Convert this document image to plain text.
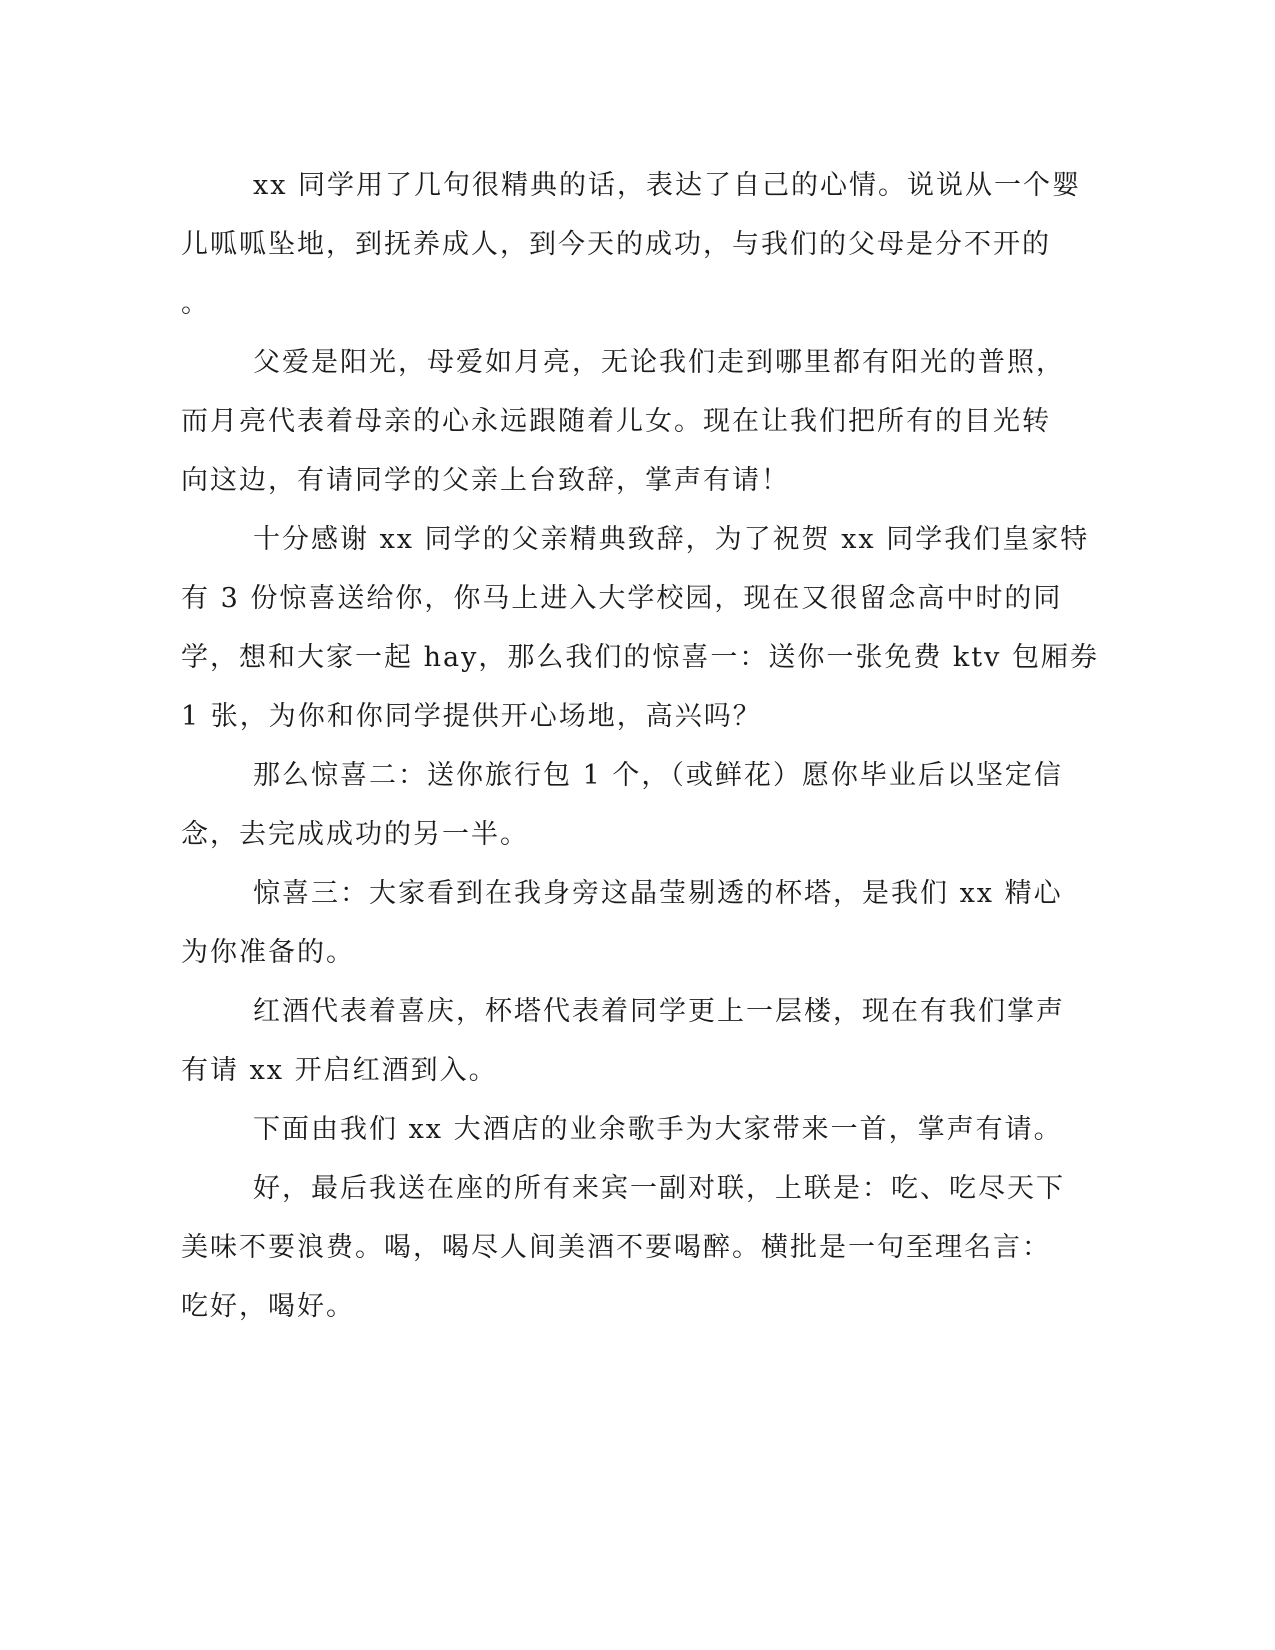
xx 同学用了几句很精典的话，表达了自己的心情。说说从一个婴
儿呱呱坠地，到抚养成人，到今天的成功，与我们的父母是分不开的
。
父爱是阳光，母爱如月亮，无论我们走到哪里都有阳光的普照，
而月亮代表着母亲的心永远跟随着儿女。现在让我们把所有的目光转
向这边，有请同学的父亲上台致辞，掌声有请！
十分感谢 xx 同学的父亲精典致辞，为了祝贺 xx 同学我们皇家特
有 3 份惊喜送给你，你马上进入大学校园，现在又很留念高中时的同
学，想和大家一起 hay，那么我们的惊喜一：送你一张免费 ktv 包厢券
1 张，为你和你同学提供开心场地，高兴吗？
那么惊喜二：送你旅行包 1 个，（或鲜花）愿你毕业后以坚定信
念，去完成成功的另一半。
惊喜三：大家看到在我身旁这晶莹剔透的杯塔，是我们 xx 精心
为你准备的。
红酒代表着喜庆，杯塔代表着同学更上一层楼，现在有我们掌声
有请 xx 开启红酒到入。
下面由我们 xx 大酒店的业余歌手为大家带来一首，掌声有请。
好，最后我送在座的所有来宾一副对联，上联是：吃、吃尽天下
美味不要浪费。喝，喝尽人间美酒不要喝醉。横批是一句至理名言：
吃好，喝好。
